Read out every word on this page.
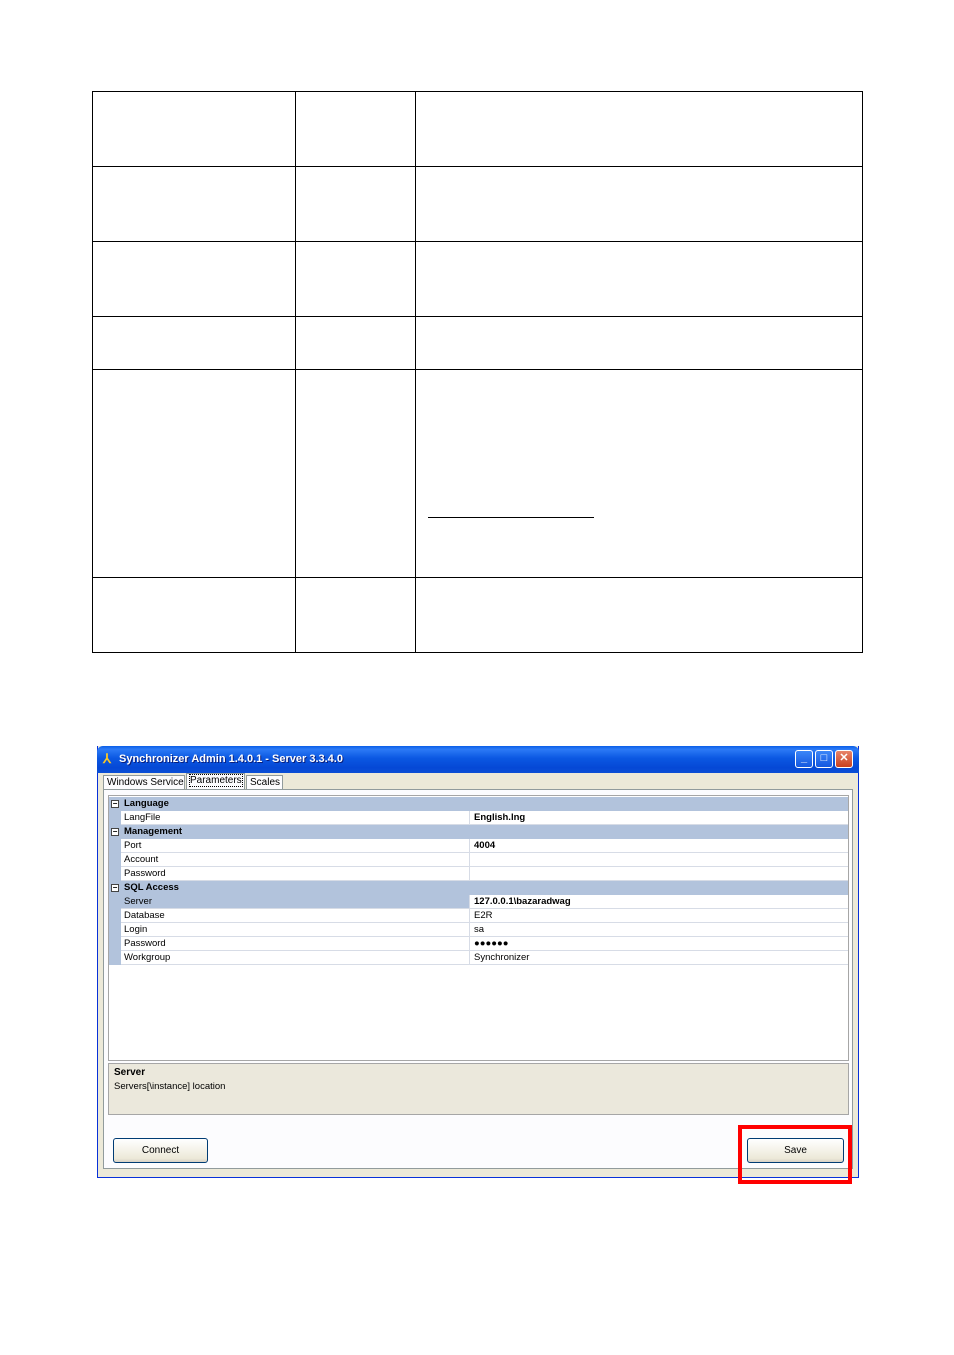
⅄ Synchronizer Admin 1.4.0.1 - Server 3.3.4.0	_	□	✕
Windows Service Parameters Scales
− Language
LangFile	English.lng
− Management
Port	4004
Account
Password
− SQL Access
Server	127.0.0.1\bazaradwag
Database	E2R
Login	sa
Password	●●●●●●
Workgroup	Synchronizer
Server
Servers[\instance] location
Connect	Save
